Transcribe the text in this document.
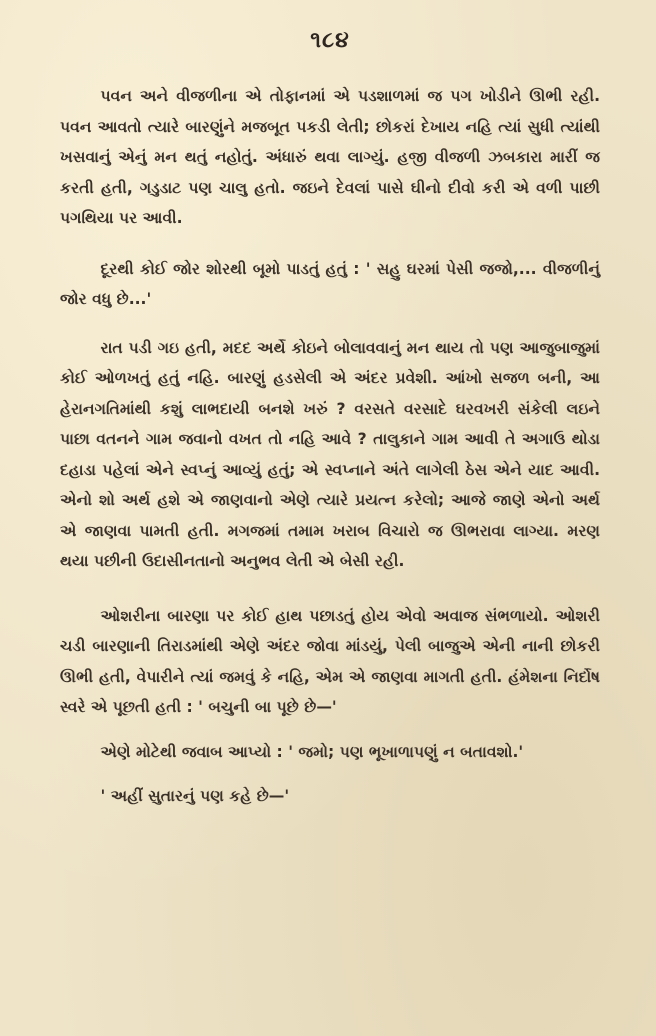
૧૮૪

પવન અને વીજળીના એ તોફાનમાં એ પડશાળમાં જ પગ ખોડીને ઊભી રહી. પવન આવતો ત્યારે બારણુંને મજબૂત પકડી લેતી; છોકરાં દેખાય નહિ ત્યાં સુધી ત્યાંથી ખસવાનું એનું મન થતું નહોતું. અંધારું થવા લાગ્યું. હજી વીજળી ઝબકારા મારીં જ કરતી હતી, ગડુડાટ પણ ચાલુ હતો. જઇને દેવલાં પાસે ઘીનો દીવો કરી એ વળી પાછી પગથિયા પર આવી.

દૂરથી કોઈ જોર શોરથી બૂમો પાડતું હતું : ' સહુ ઘરમાં પેસી જજો,... વીજળીનું જોર વધુ છે...'

રાત પડી ગઇ હતી, મદદ અર્થે કોઇને બોલાવવાનું મન થાય તો પણ આજુબાજુમાં કોઈ ઓળખતું હતું નહિ. બારણું હડસેલી એ અંદર પ્રવેશી. આંખો સજળ બની, આ હેરાનગતિમાંથી કશું લાભદાયી બનશે ખરું ? વરસતે વરસાદે ઘરવખરી સંકેલી લઇને પાછા વતનને ગામ જવાનો વખત તો નહિ આવે ? તાલુકાને ગામ આવી તે અગાઉ થોડા દહાડા પહેલાં એને સ્વપ્નું આવ્યું હતું; એ સ્વપ્નાને અંતે લાગેલી ઠેસ એને યાદ આવી. એનો શો અર્થ હશે એ જાણવાનો એણે ત્યારે પ્રયત્ન કરેલો; આજે જાણે એનો અર્થ એ જાણવા પામતી હતી. મગજમાં તમામ ખરાબ વિચારો જ ઊભરાવા લાગ્યા. મરણ થયા પછીની ઉદાસીનતાનો અનુભવ લેતી એ બેસી રહી.

ઓશરીના બારણા પર કોઈ હાથ પછાડતું હોય એવો અવાજ સંભળાયો. ઓશરી ચડી બારણાની તિરાડમાંથી એણે અંદર જોવા માંડયું, પેલી બાજુએ એની નાની છોકરી ઊભી હતી, વેપારીને ત્યાં જમવું કે નહિ, એમ એ જાણવા માગતી હતી. હંમેશના નિર્દોષ સ્વરે એ પૂછતી હતી : ' બચુની બા પૂછે છે—'

એણે મોટેથી જવાબ આપ્યો : ' જમો; પણ ભૂખાળાપણું ન બતાવશો.'

' અહીં સુતારનું પણ કહે છે—'
